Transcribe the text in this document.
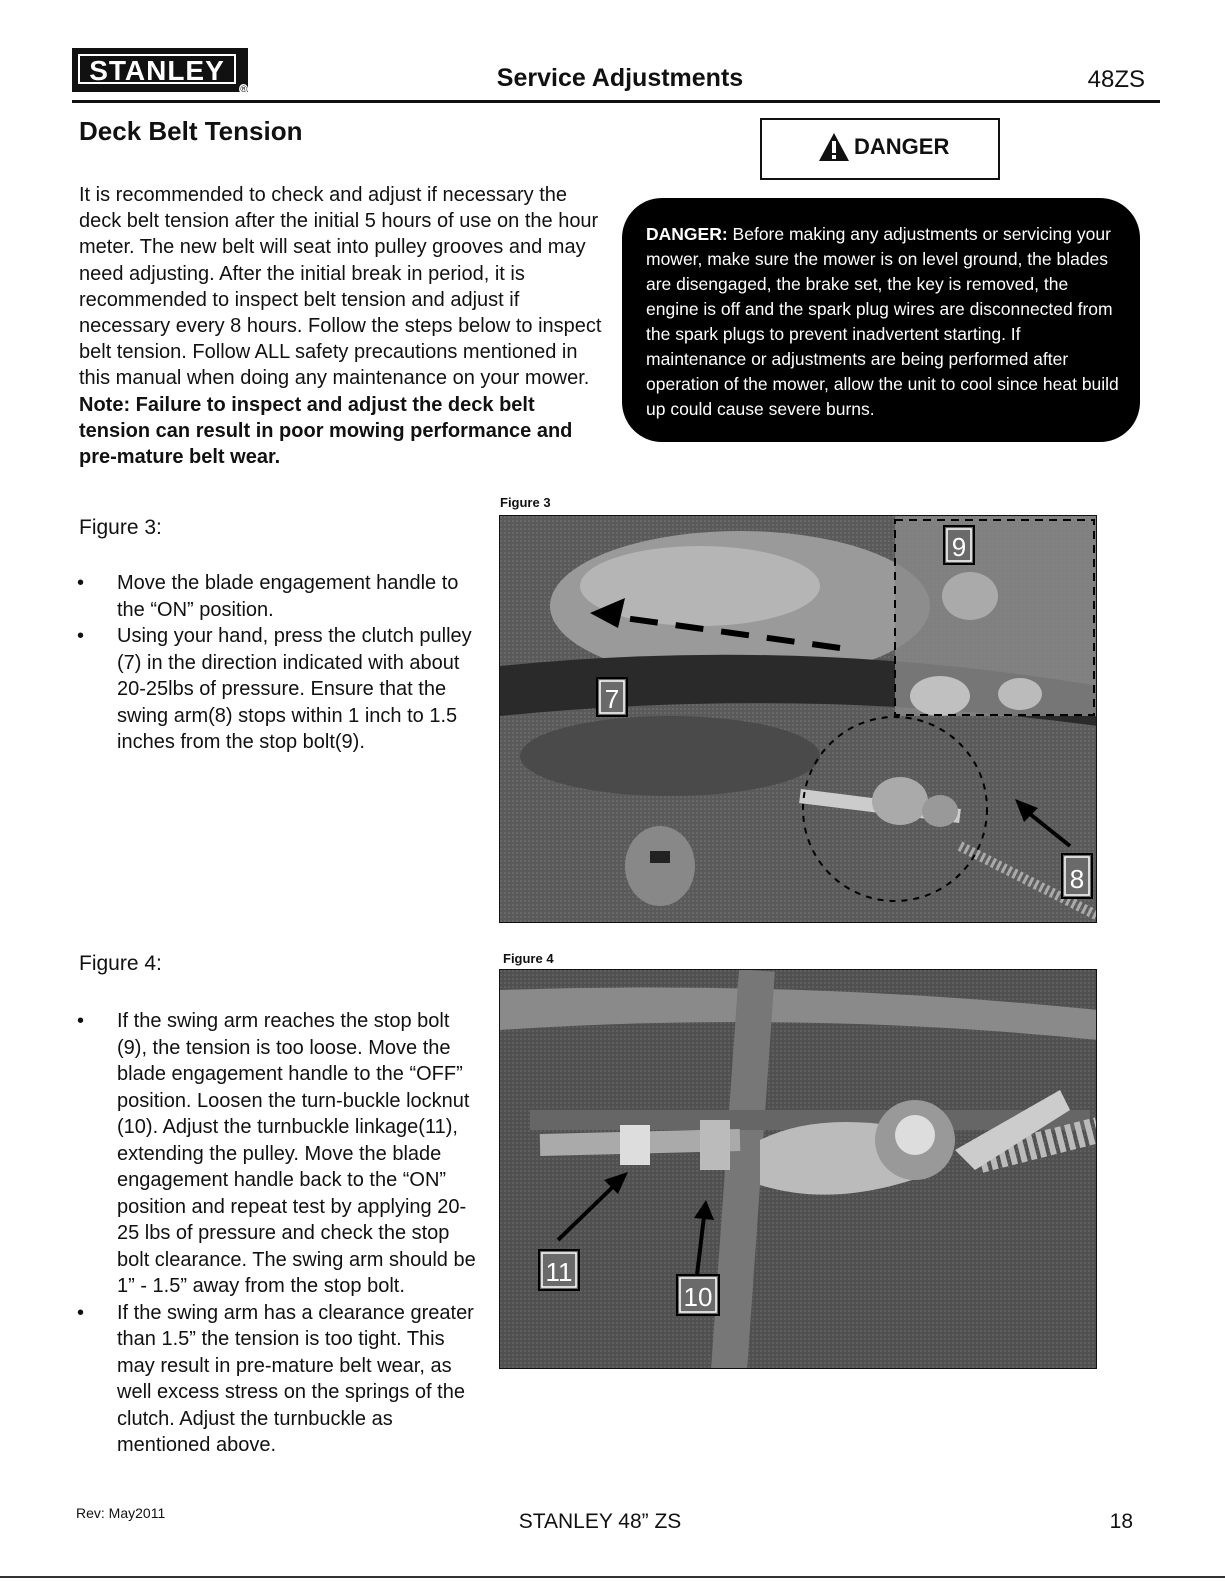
STANLEY
®	Service Adjustments	48ZS
Deck Belt Tension
It is recommended to check and adjust if necessary the deck belt tension after the initial 5 hours of use on the hour meter. The new belt will seat into pulley grooves and may need adjusting. After the initial break in period, it is recommended to inspect belt tension and adjust if necessary every 8 hours. Follow the steps below to inspect belt tension. Follow ALL safety precautions mentioned in this manual when doing any maintenance on your mower. Note: Failure to inspect and adjust the deck belt tension can result in poor mowing performance and pre-mature belt wear.
DANGER
DANGER: Before making any adjustments or servicing your mower, make sure the mower is on level ground, the blades are disengaged, the brake set, the key is removed, the engine is off and the spark plug wires are disconnected from the spark plugs to prevent inadvertent starting. If maintenance or adjustments are being performed after operation of the mower, allow the unit to cool since heat build up could cause severe burns.
Figure 3:
• Move the blade engagement handle to the “ON” position.
• Using your hand, press the clutch pulley (7) in the direction indicated with about 20-25lbs of pressure. Ensure that the swing arm(8) stops within 1 inch to 1.5 inches from the stop bolt(9).
Figure 3
9
7
8
Figure 4:
• If the swing arm reaches the stop bolt (9), the tension is too loose. Move the blade engagement handle to the “OFF” position. Loosen the turn-buckle locknut (10). Adjust the turnbuckle linkage(11), extending the pulley. Move the blade engagement handle back to the “ON” position and repeat test by applying 20-25 lbs of pressure and check the stop bolt clearance. The swing arm should be 1” - 1.5” away from the stop bolt.
• If the swing arm has a clearance greater than 1.5” the tension is too tight. This may result in pre-mature belt wear, as well excess stress on the springs of the clutch. Adjust the turnbuckle as mentioned above.
Figure 4
11
10
Rev: May2011	STANLEY 48” ZS	18
